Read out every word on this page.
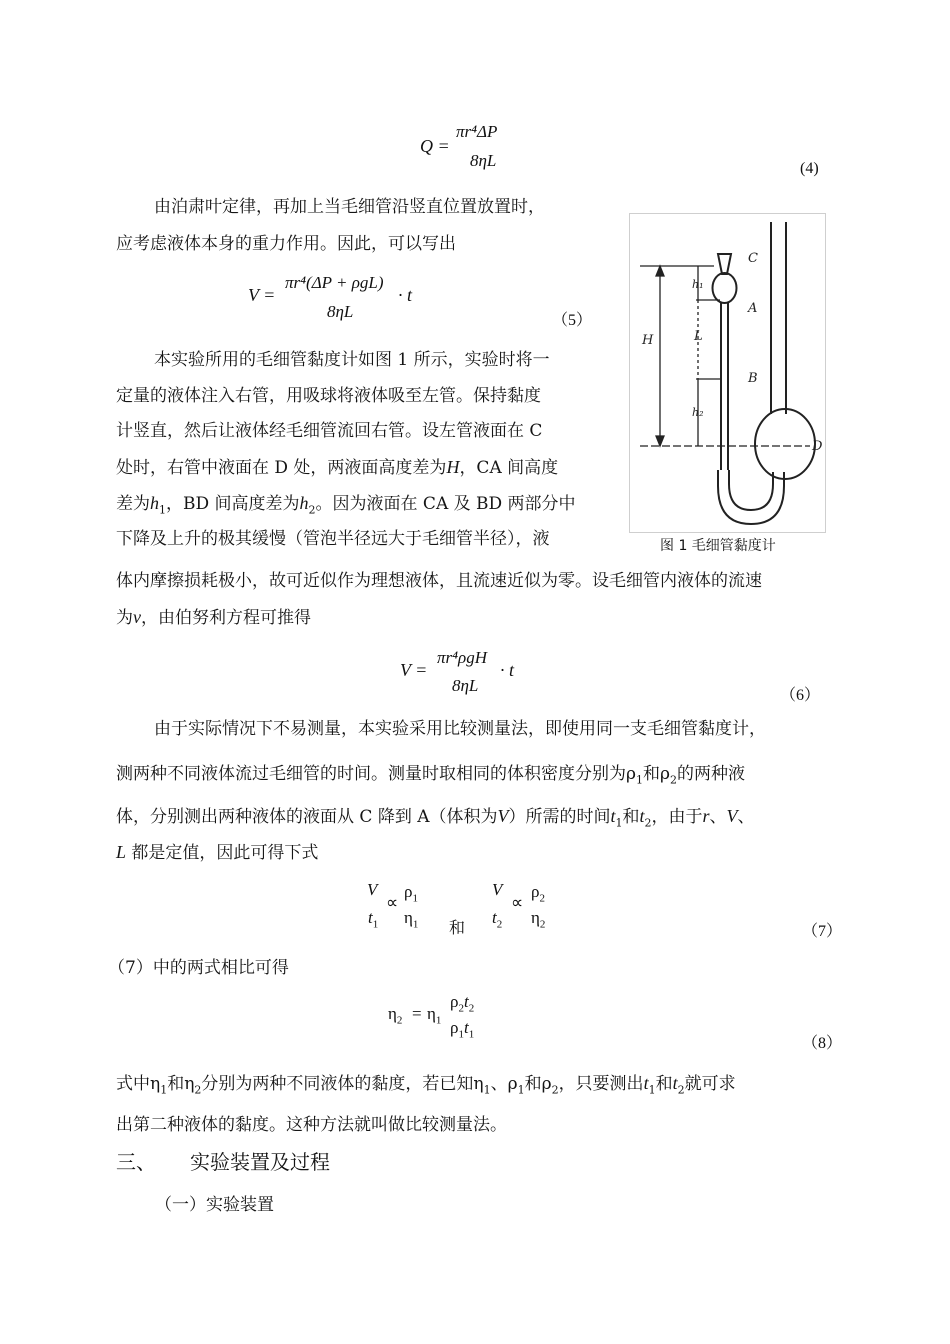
Q =
πr⁴ΔP
8ηL	(4)
由泊肃叶定律，再加上当毛细管沿竖直位置放置时，
应考虑液体本身的重力作用。因此，可以写出
V =
πr⁴(ΔP + ρgL)
8ηL
· t
（5）
本实验所用的毛细管黏度计如图 1 所示，实验时将一
定量的液体注入右管，用吸球将液体吸至左管。保持黏度
计竖直，然后让液体经毛细管流回右管。设左管液面在 C
处时，右管中液面在 D 处，两液面高度差为H，CA 间高度
差为$h_1$，BD 间高度差为$h_2$。因为液面在 CA 及 BD 两部分中
下降及上升的极其缓慢（管泡半径远大于毛细管半径），液
体内摩擦损耗极小，故可近似作为理想液体，且流速近似为零。设毛细管内液体的流速
为v，由伯努利方程可推得
C
A
B
D
H	L
h₁
h₂
图 1 毛细管黏度计
V =
πr⁴ρgH
8ηL
· t
（6）
由于实际情况下不易测量，本实验采用比较测量法，即使用同一支毛细管黏度计，
测两种不同液体流过毛细管的时间。测量时取相同的体积密度分别为$\rho_1$和$\rho_2$的两种液
体，分别测出两种液体的液面从 C 降到 A（体积为V）所需的时间$t_1$和$t_2$，由于r、V、
L 都是定值，因此可得下式
V
$t_1$
∝
$\rho_1$
$\eta_1$ 和
V
$t_2$
∝
$\rho_2$
$\eta_2$	（7）
（7）中的两式相比可得
$\eta_2 = \eta_1$
$\rho_2t_2$
$\rho_1t_1$
（8）
式中$\eta_1$和$\eta_2$分别为两种不同液体的黏度，若已知$\eta_1$、$\rho_1$和$\rho_2$，只要测出$t_1$和$t_2$就可求
出第二种液体的黏度。这种方法就叫做比较测量法。
三、 实验装置及过程
（一）实验装置
